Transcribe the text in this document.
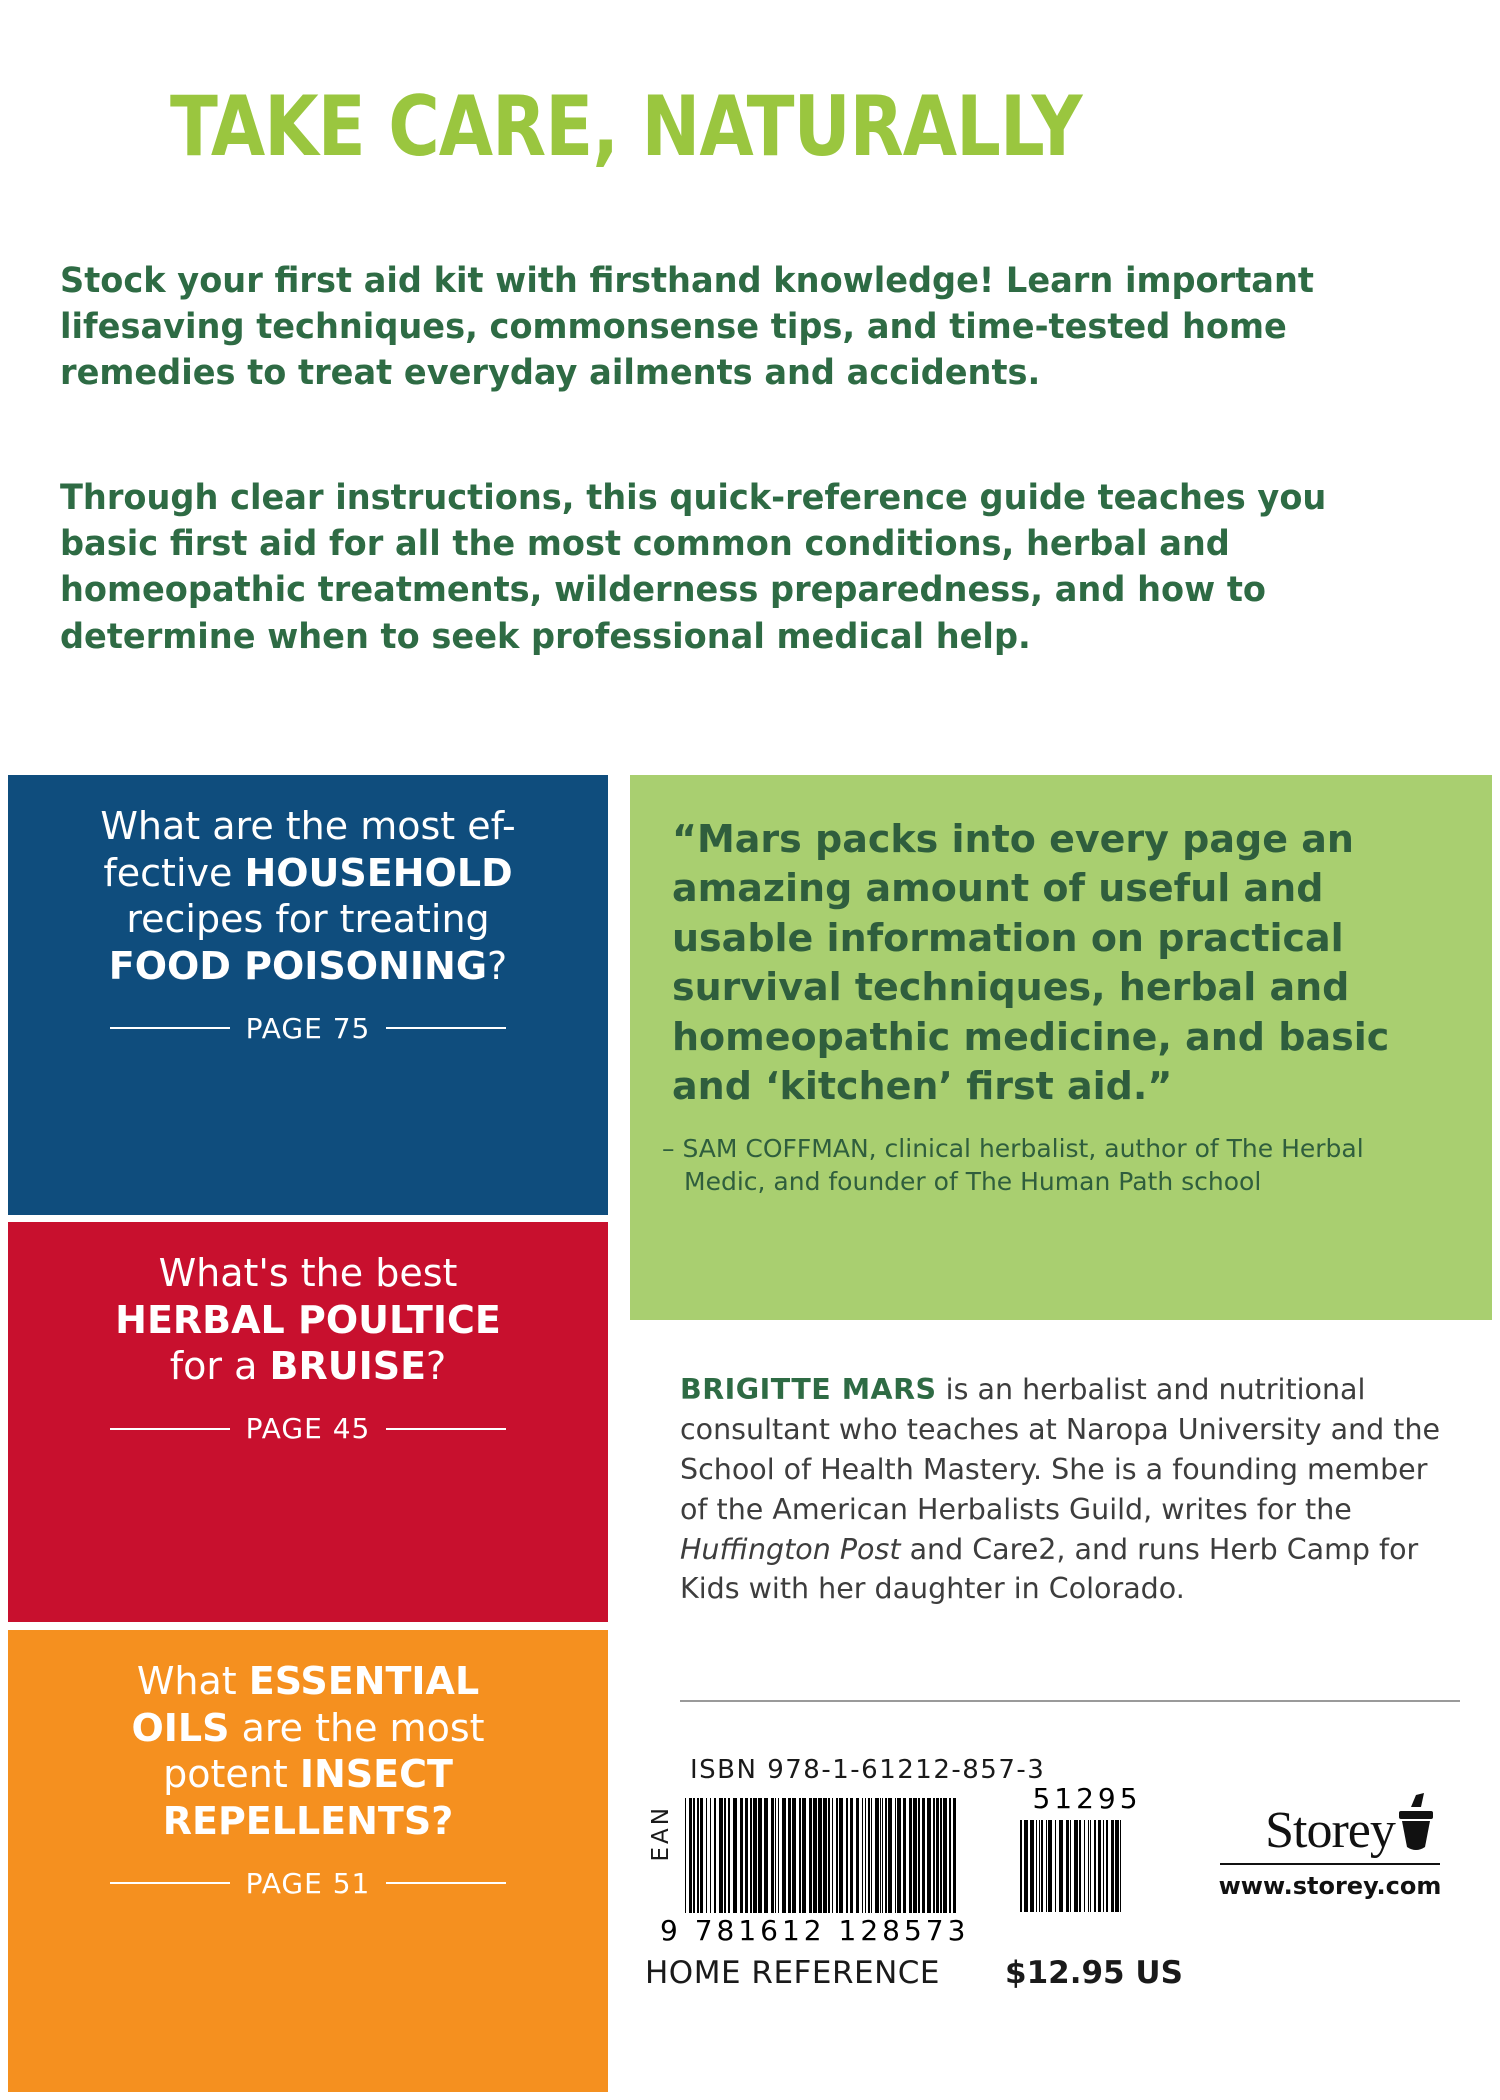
TAKE CARE, NATURALLY
Stock your first aid kit with firsthand knowledge! Learn important lifesaving techniques, commonsense tips, and time-tested home remedies to treat everyday ailments and accidents.
Through clear instructions, this quick-reference guide teaches you basic first aid for all the most common conditions, herbal and homeopathic treatments, wilderness preparedness, and how to determine when to seek professional medical help.
What are the most ef-
fective HOUSEHOLD
recipes for treating
FOOD POISONING?
PAGE 75
What's the best
HERBAL POULTICE
for a BRUISE?
PAGE 45
What ESSENTIAL
OILS are the most
potent INSECT
REPELLENTS?
PAGE 51
“Mars packs into every page an amazing amount of useful and usable information on practical survival techniques, herbal and homeopathic medicine, and basic and ‘kitchen’ first aid.”
– SAM COFFMAN, clinical herbalist, author of The Herbal Medic, and founder of The Human Path school
BRIGITTE MARS is an herbalist and nutritional consultant who teaches at Naropa University and the School of Health Mastery. She is a founding member of the American Herbalists Guild, writes for the Huffington Post and Care2, and runs Herb Camp for Kids with her daughter in Colorado.
ISBN 978-1-61212-857-3
EAN
9 781612 128573
51295
HOME REFERENCE $12.95 US
Storey
www.storey.com
